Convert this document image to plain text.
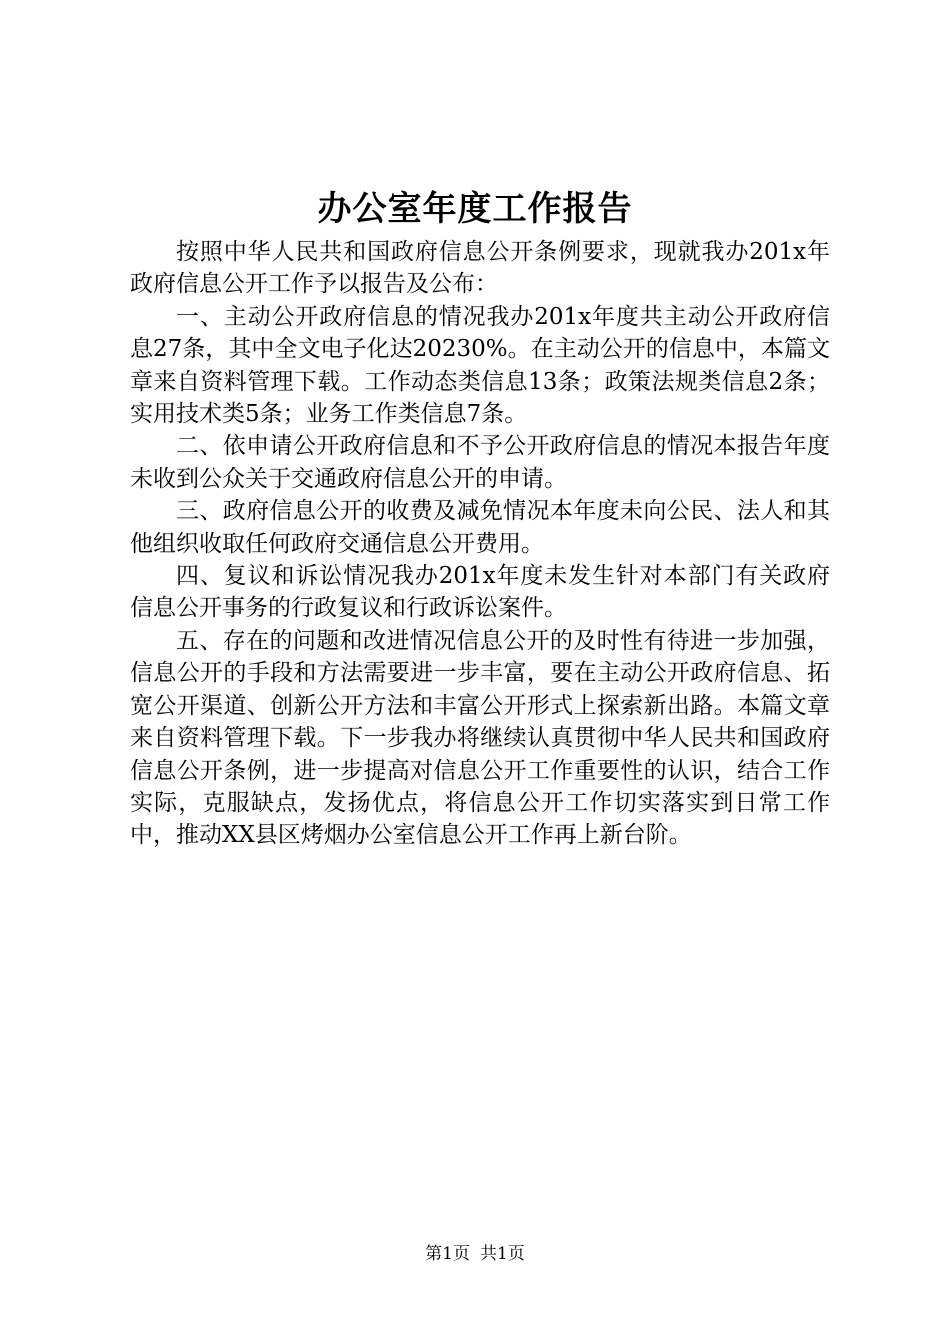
办公室年度工作报告

按照中华人民共和国政府信息公开条例要求，现就我办201x年政府信息公开工作予以报告及公布：

一、主动公开政府信息的情况我办201x年度共主动公开政府信息27条，其中全文电子化达20230%。在主动公开的信息中，本篇文章来自资料管理下载。工作动态类信息13条；政策法规类信息2条；实用技术类5条；业务工作类信息7条。

二、依申请公开政府信息和不予公开政府信息的情况本报告年度未收到公众关于交通政府信息公开的申请。

三、政府信息公开的收费及减免情况本年度未向公民、法人和其他组织收取任何政府交通信息公开费用。

四、复议和诉讼情况我办201x年度未发生针对本部门有关政府信息公开事务的行政复议和行政诉讼案件。

五、存在的问题和改进情况信息公开的及时性有待进一步加强，信息公开的手段和方法需要进一步丰富，要在主动公开政府信息、拓宽公开渠道、创新公开方法和丰富公开形式上探索新出路。本篇文章来自资料管理下载。下一步我办将继续认真贯彻中华人民共和国政府信息公开条例，进一步提高对信息公开工作重要性的认识，结合工作实际，克服缺点，发扬优点，将信息公开工作切实落实到日常工作中，推动XX县区烤烟办公室信息公开工作再上新台阶。

第1页 共1页
